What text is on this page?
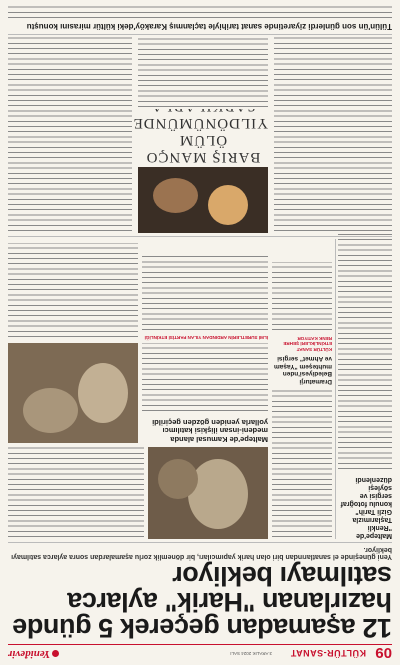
09
KÜLTÜR-SANAT
3 ARALIK 2024 SALI
Yeniđevir
12 aşamadan geçerek 5 günde hazırlanan "Harik" aylarca satılmayı bekliyor
Yeni güneşinde el sanatlarından biri olan harik yapımcıları, bir dönemlik zorlu aşamalardan sonra aylarca satılmayı bekliyor.
Maltepe'de "Renkli Taşlarımızla Gizli Tarih" konulu fotoğraf sergisi ve söyleşi düzenlendi
Maltepe'de Kamusal alanda medeni-insan ilişkisi katılımcı yollarla yeniden gözden geçirildi
İLMİ SURETLERİN ARDINDAN YILAN PARTİSİ ETKİNLİĞİ
Dramaturji Belediyesi'nden muhteşem "Yaşam ve Ahmet" sergisi
KÜLTÜR SANAT ETKİNLİKLERİ ŞEHRE RENK KATIYOR
BARIŞ MANÇO
ÖLÜM YILDÖNÜMÜNDE
Tülün'ün son günlerdi ziyaretinde sanat tarihiyle taçlanmış Karaköy'deki kültür mirasını konuştu
